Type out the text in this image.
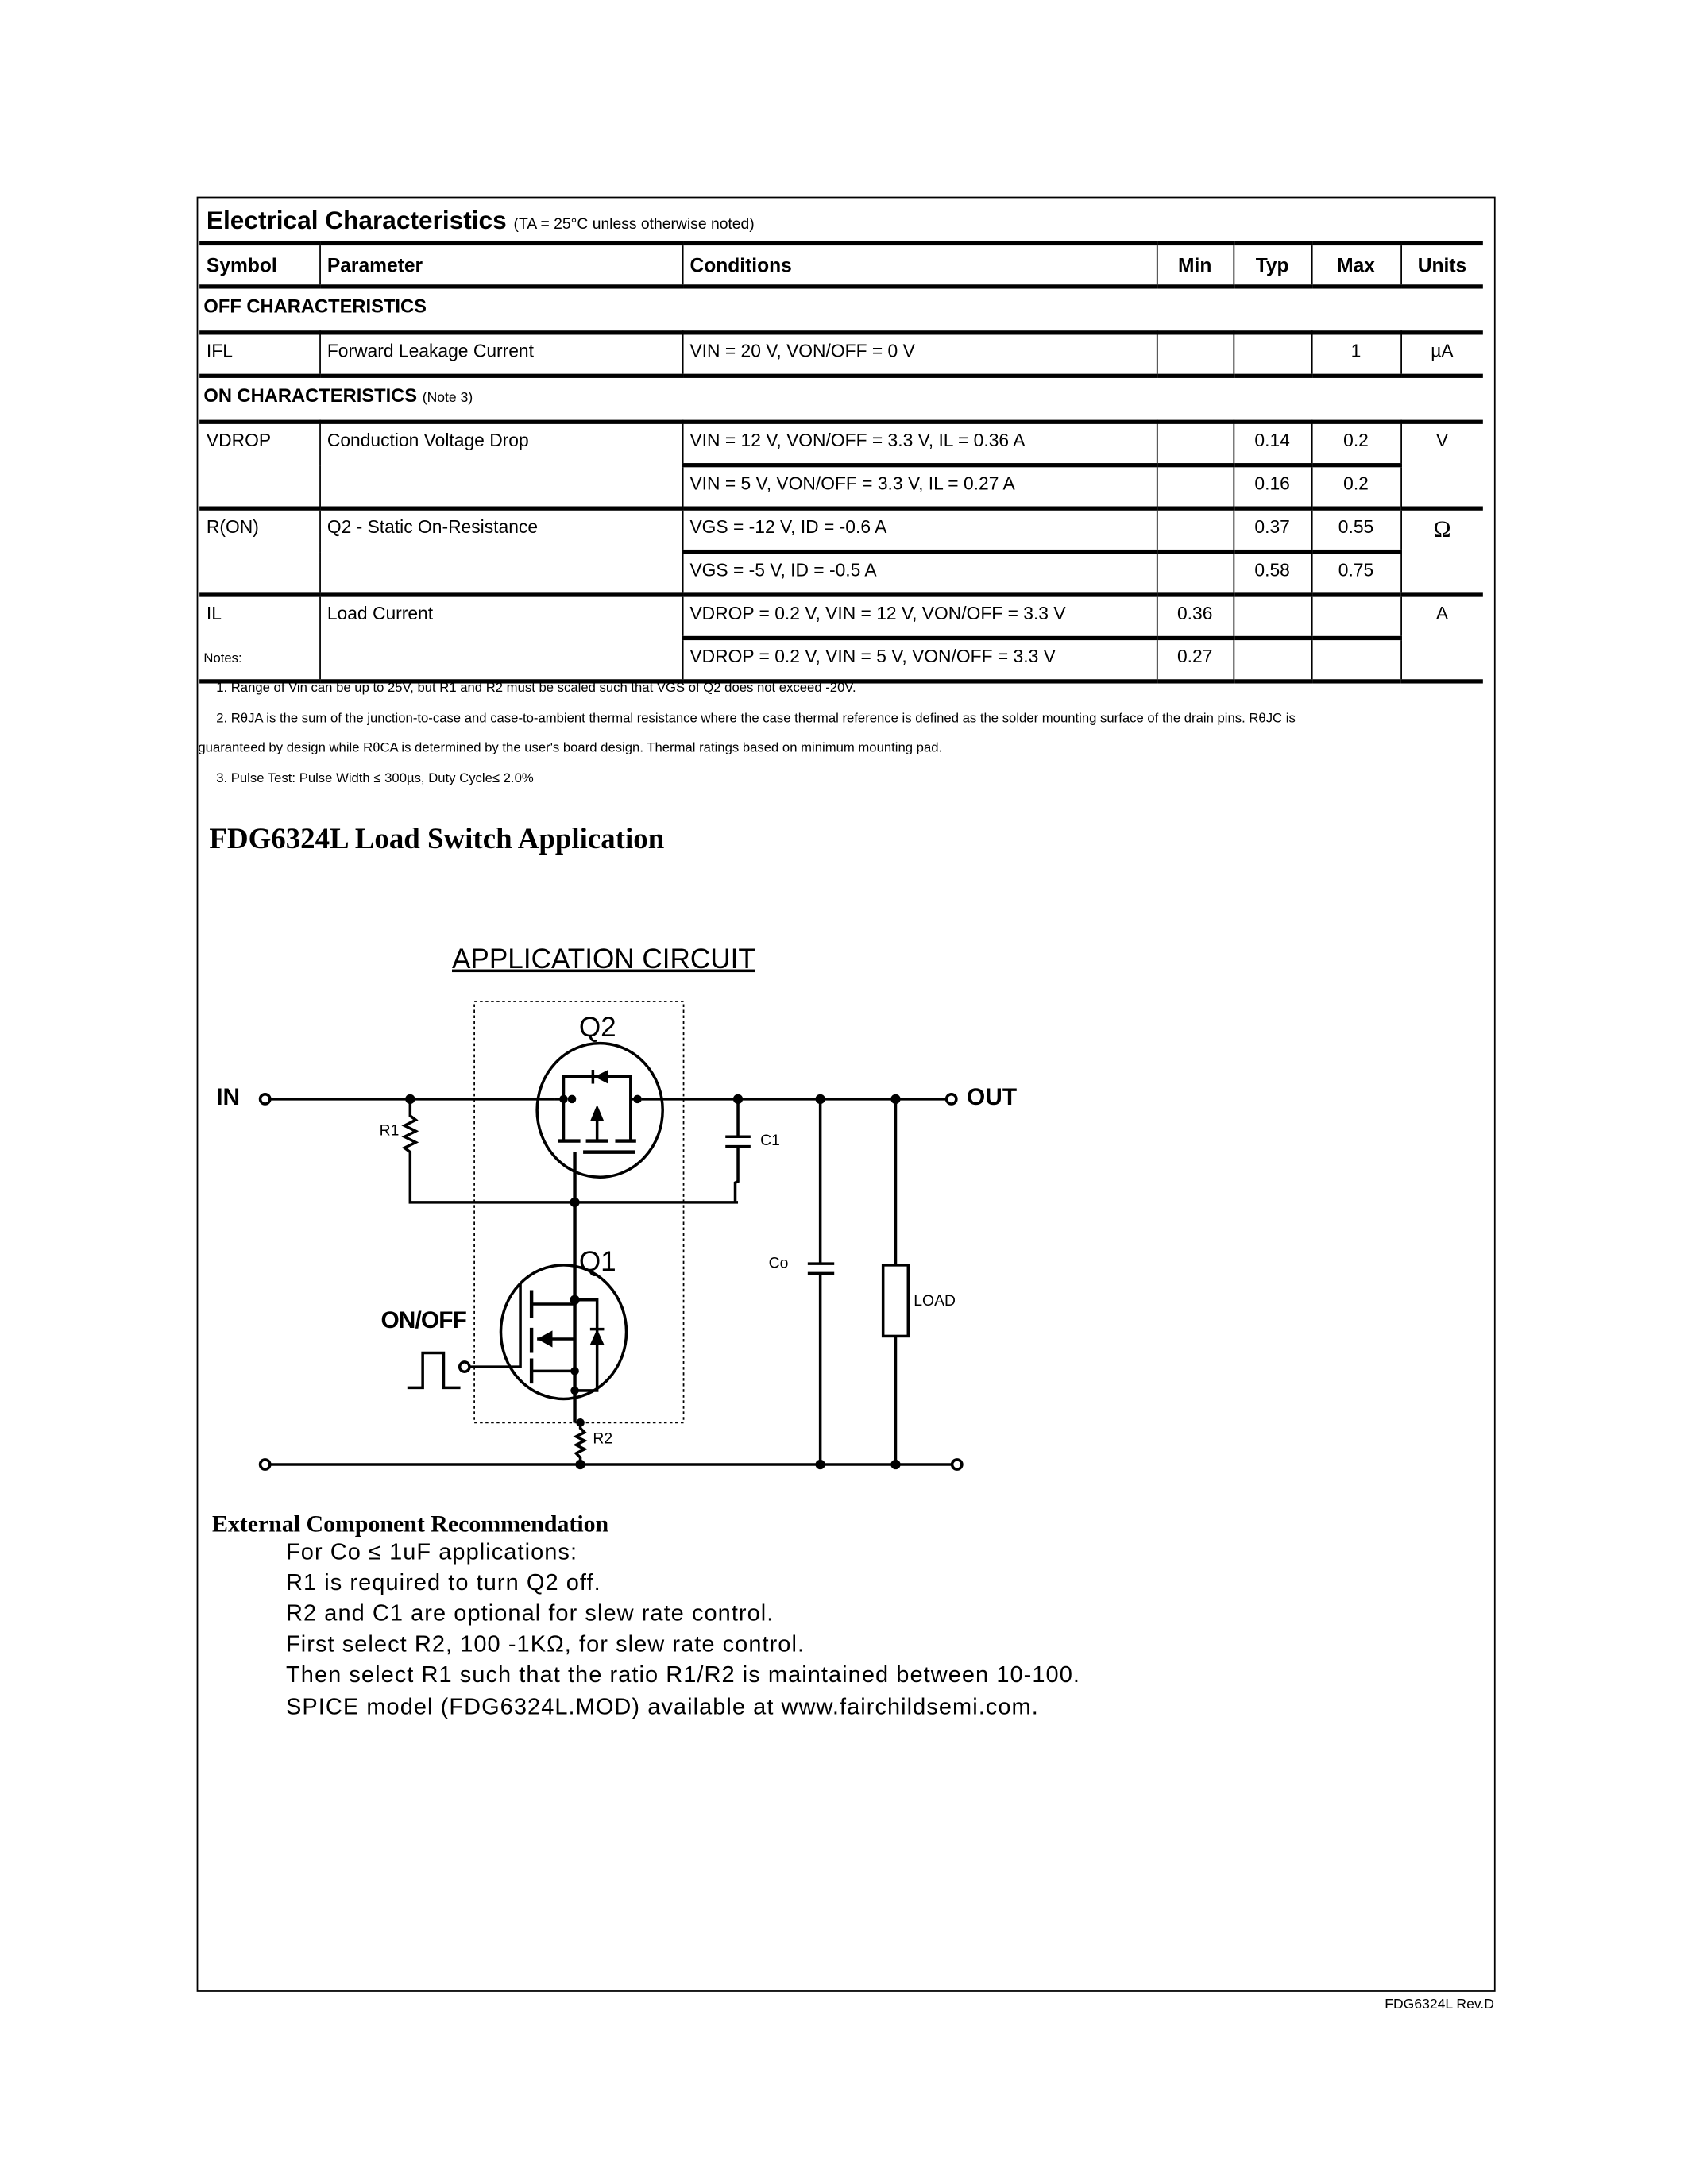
Electrical Characteristics (TA = 25°C unless otherwise noted)
Symbol	Parameter	Conditions	Min	Typ	Max	Units
OFF CHARACTERISTICS						
IFL	Forward Leakage Current	VIN = 20 V, VON/OFF = 0 V			1	µA
ON CHARACTERISTICS (Note 3)						
VDROP	Conduction Voltage Drop	VIN = 12 V, VON/OFF = 3.3 V, IL = 0.36 A		0.14	0.2	V
		VIN = 5 V, VON/OFF = 3.3 V, IL = 0.27 A		0.16	0.2	
R(ON)	Q2 - Static On-Resistance	VGS = -12 V, ID = -0.6 A		0.37	0.55	Ω
		VGS = -5 V, ID = -0.5 A		0.58	0.75	
IL	Load Current	VDROP = 0.2 V, VIN = 12 V, VON/OFF = 3.3 V	0.36			A
		VDROP = 0.2 V, VIN = 5 V, VON/OFF = 3.3 V	0.27			
Notes:
1. Range of Vin can be up to 25V, but R1 and R2 must be scaled such that VGS of Q2 does not exceed -20V.
2. RθJA is the sum of the junction-to-case and case-to-ambient thermal resistance where the case thermal reference is defined as the solder mounting surface of the drain pins. RθJC is
guaranteed by design while RθCA is determined by the user's board design. Thermal ratings based on minimum mounting pad.
3. Pulse Test: Pulse Width ≤ 300µs, Duty Cycle≤ 2.0%
FDG6324L Load Switch Application
APPLICATION CIRCUIT
IN	OUT
Q2
Q1
R1
R2
C1
Co
LOAD
ON/OFF
External Component Recommendation
For Co ≤ 1uF applications:
R1 is required to turn Q2 off.
R2 and C1 are optional for slew rate control.
First select R2, 100 -1KΩ, for slew rate control.
Then select R1 such that the ratio R1/R2 is maintained between 10-100.
SPICE model (FDG6324L.MOD) available at www.fairchildsemi.com.
FDG6324L Rev.D
